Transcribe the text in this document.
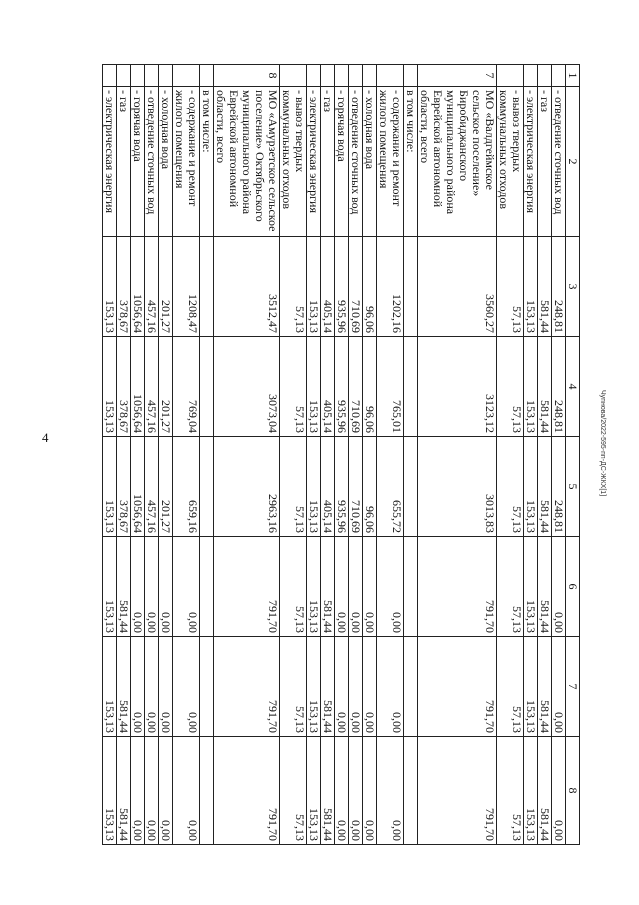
4	Чупнова/2022-595-пп-ДС-ЖКХ[1]
1	2	3	4	5	6	7	8
	- отведение сточных вод	248,81	248,81	248,81	0,00	0,00	0,00
	- газ	581,44	581,44	581,44	581,44	581,44	581,44
	- электрическая энергия	153,13	153,13	153,13	153,13	153,13	153,13
	- вывоз твердых коммунальных отходов	57,13	57,13	57,13	57,13	57,13	57,13
7	МО «Валдгеймское сельское поселение» Биробиджанского муниципального района Еврейской автономной области, всего	3560,27	3123,12	3013,83	791,70	791,70	791,70
	в том числе:						
	- содержание и ремонт жилого помещения	1202,16	765,01	655,72	0,00	0,00	0,00
	- холодная вода	96,06	96,06	96,06	0,00	0,00	0,00
	- отведение сточных вод	710,69	710,69	710,69	0,00	0,00	0,00
	- горячая вода	935,96	935,96	935,96	0,00	0,00	0,00
	- газ	405,14	405,14	405,14	581,44	581,44	581,44
	- электрическая энергия	153,13	153,13	153,13	153,13	153,13	153,13
	- вывоз твердых коммунальных отходов	57,13	57,13	57,13	57,13	57,13	57,13
8	МО «Амурзетское сельское поселение» Октябрьского муниципального района Еврейской автономной области, всего	3512,47	3073,04	2963,16	791,70	791,70	791,70
	в том числе:						
	- содержание и ремонт жилого помещения	1208,47	769,04	659,16	0,00	0,00	0,00
	- холодная вода	201,27	201,27	201,27	0,00	0,00	0,00
	- отведение сточных вод	457,16	457,16	457,16	0,00	0,00	0,00
	- горячая вода	1056,64	1056,64	1056,64	0,00	0,00	0,00
	- газ	378,67	378,67	378,67	581,44	581,44	581,44
	- электрическая энергия	153,13	153,13	153,13	153,13	153,13	153,13
